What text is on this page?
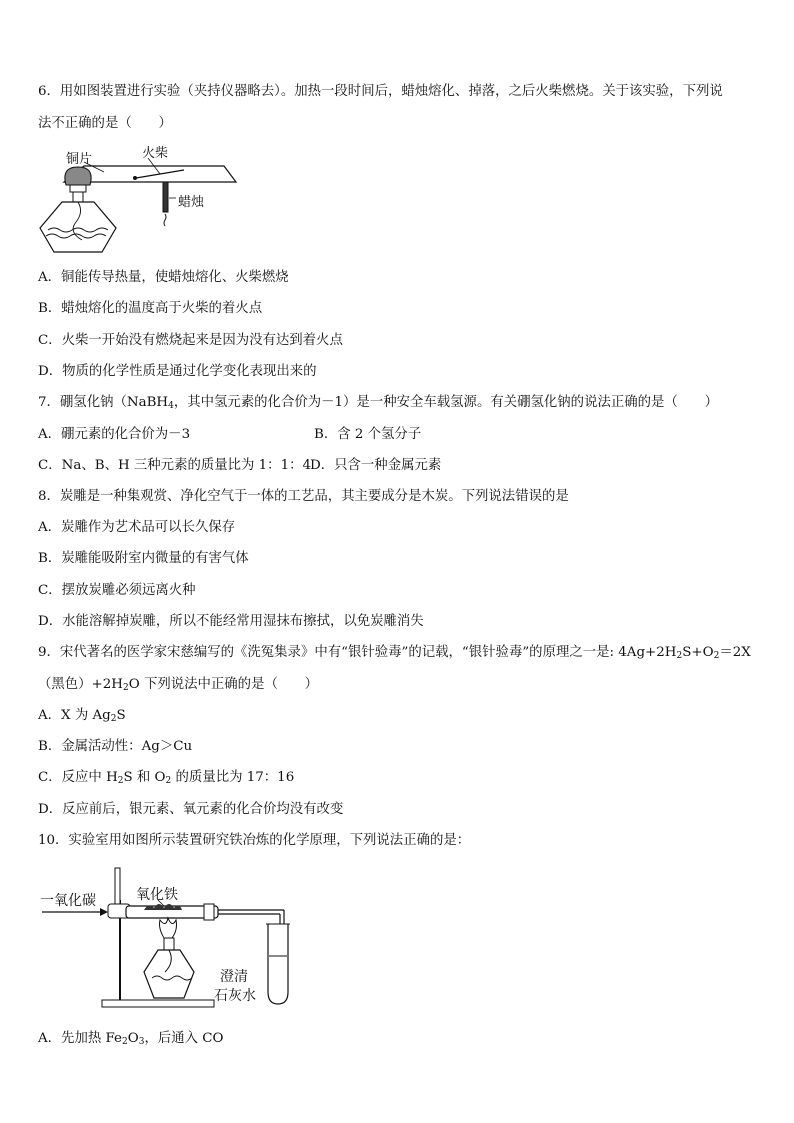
6．用如图装置进行实验（夹持仪器略去）。加热一段时间后，蜡烛熔化、掉落，之后火柴燃烧。关于该实验，下列说
法不正确的是（　　）
铜片	火柴
蜡烛
A．铜能传导热量，使蜡烛熔化、火柴燃烧
B．蜡烛熔化的温度高于火柴的着火点
C．火柴一开始没有燃烧起来是因为没有达到着火点
D．物质的化学性质是通过化学变化表现出来的
7．硼氢化钠（NaBH$_4$，其中氢元素的化合价为－1）是一种安全车载氢源。有关硼氢化钠的说法正确的是（　　）
A．硼元素的化合价为－3	B．含 2 个氢分子
C．Na、B、H 三种元素的质量比为 1：1：4
D．只含一种金属元素
8．炭雕是一种集观赏、净化空气于一体的工艺品，其主要成分是木炭。下列说法错误的是
A．炭雕作为艺术品可以长久保存
B．炭雕能吸附室内微量的有害气体
C．摆放炭雕必须远离火种
D．水能溶解掉炭雕，所以不能经常用湿抹布擦拭，以免炭雕消失
9．宋代著名的医学家宋慈编写的《洗冤集录》中有“银针验毒”的记载，“银针验毒”的原理之一是: $4Ag+2H_2S+O_2=2X$
（黑色）$+2H_2O$ 下列说法中正确的是（　　）
A．X 为 $Ag_2S$
B．金属活动性：Ag＞Cu
C．反应中 $H_2S$ 和 $O_2$ 的质量比为 17：16
D．反应前后，银元素、氧元素的化合价均没有改变
10．实验室用如图所示装置研究铁冶炼的化学原理，下列说法正确的是：
一氧化碳	氧化铁
澄清
石灰水
A．先加热 $Fe_2O_3$，后通入 CO
